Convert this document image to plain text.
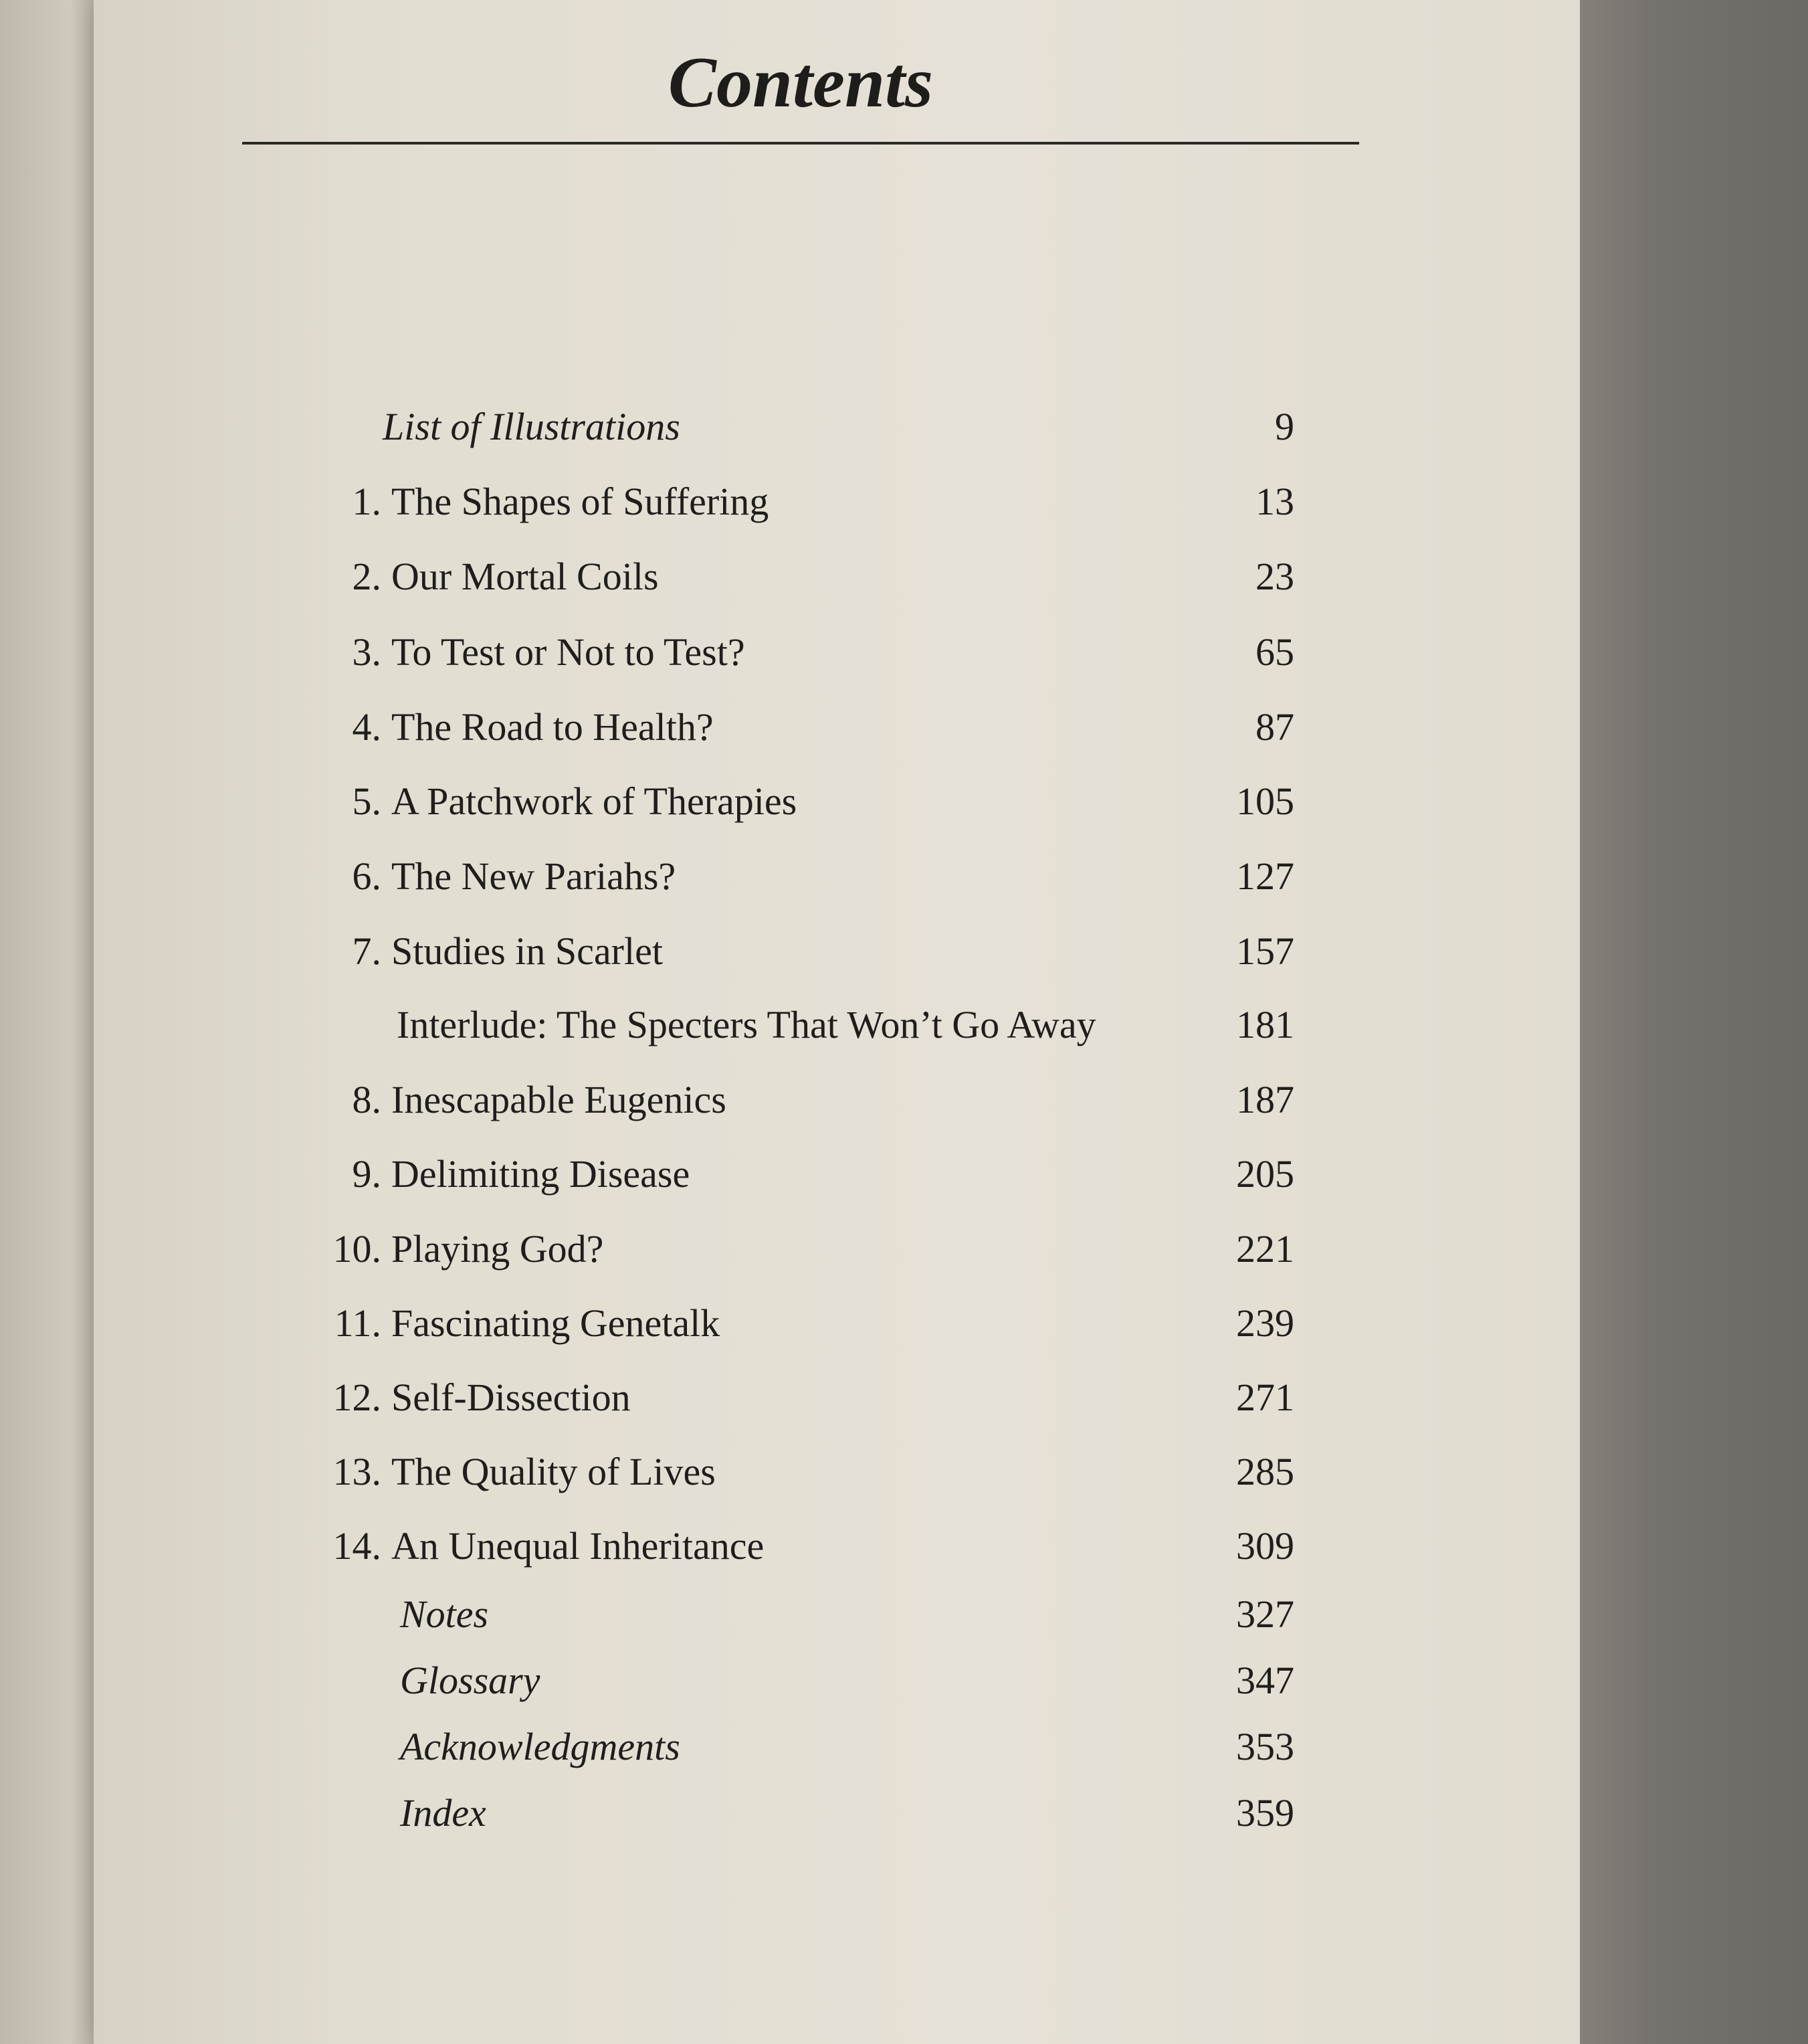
Contents
List of Illustrations	9
1. The Shapes of Suffering	13
2. Our Mortal Coils	23
3. To Test or Not to Test?	65
4. The Road to Health?	87
5. A Patchwork of Therapies	105
6. The New Pariahs?	127
7. Studies in Scarlet	157
Interlude: The Specters That Won’t Go Away	181
8. Inescapable Eugenics	187
9. Delimiting Disease	205
10. Playing God?	221
11. Fascinating Genetalk	239
12. Self-Dissection	271
13. The Quality of Lives	285
14. An Unequal Inheritance	309
Notes	327
Glossary	347
Acknowledgments	353
Index	359
